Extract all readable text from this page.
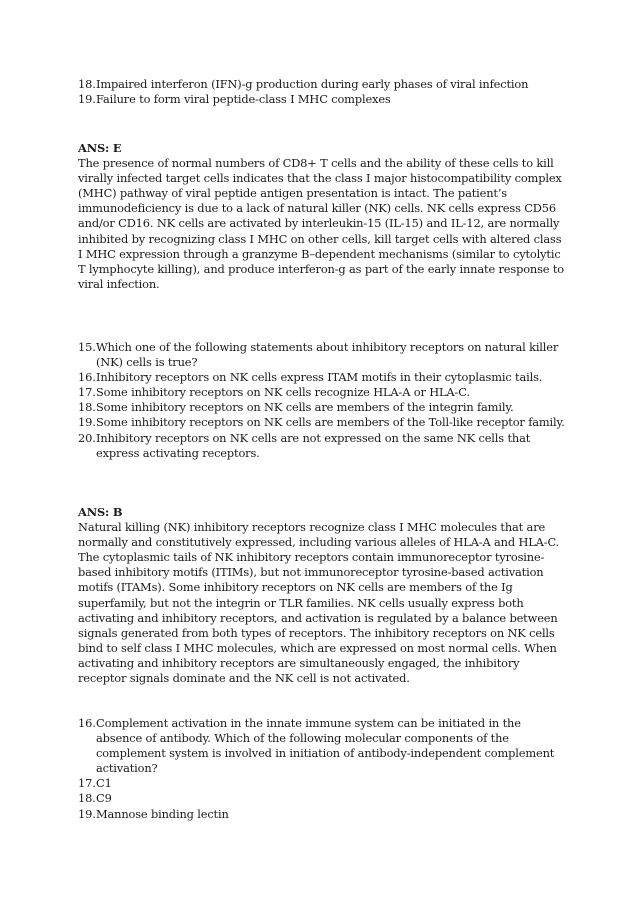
18. Impaired interferon (IFN)-g production during early phases of viral infection
19. Failure to form viral peptide-class I MHC complexes

ANS: E

The presence of normal numbers of CD8+ T cells and the ability of these cells to kill virally infected target cells indicates that the class I major histocompatibility complex (MHC) pathway of viral peptide antigen presentation is intact. The patient’s immunodeficiency is due to a lack of natural killer (NK) cells. NK cells express CD56 and/or CD16. NK cells are activated by interleukin-15 (IL-15) and IL-12, are normally inhibited by recognizing class I MHC on other cells, kill target cells with altered class I MHC expression through a granzyme B–dependent mechanisms (similar to cytolytic T lymphocyte killing), and produce interferon-g as part of the early innate response to viral infection.

15. Which one of the following statements about inhibitory receptors on natural killer (NK) cells is true?
16. Inhibitory receptors on NK cells express ITAM motifs in their cytoplasmic tails.
17. Some inhibitory receptors on NK cells recognize HLA-A or HLA-C.
18. Some inhibitory receptors on NK cells are members of the integrin family.
19. Some inhibitory receptors on NK cells are members of the Toll-like receptor family.
20. Inhibitory receptors on NK cells are not expressed on the same NK cells that express activating receptors.

ANS: B

Natural killing (NK) inhibitory receptors recognize class I MHC molecules that are normally and constitutively expressed, including various alleles of HLA-A and HLA-C. The cytoplasmic tails of NK inhibitory receptors contain immunoreceptor tyrosine-based inhibitory motifs (ITIMs), but not immunoreceptor tyrosine-based activation motifs (ITAMs). Some inhibitory receptors on NK cells are members of the Ig superfamily, but not the integrin or TLR families. NK cells usually express both activating and inhibitory receptors, and activation is regulated by a balance between signals generated from both types of receptors. The inhibitory receptors on NK cells bind to self class I MHC molecules, which are expressed on most normal cells. When activating and inhibitory receptors are simultaneously engaged, the inhibitory receptor signals dominate and the NK cell is not activated.

16. Complement activation in the innate immune system can be initiated in the absence of antibody. Which of the following molecular components of the complement system is involved in initiation of antibody-independent complement activation?
17. C1
18. C9
19. Mannose binding lectin
